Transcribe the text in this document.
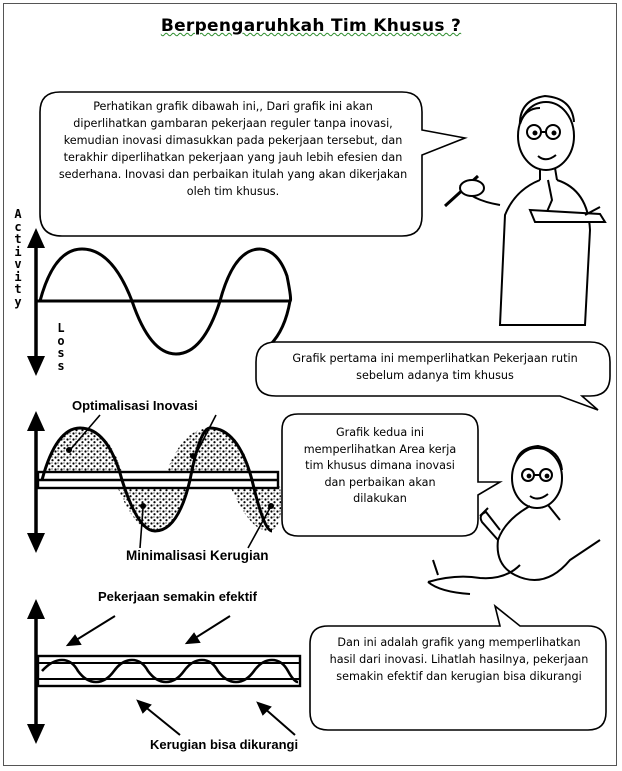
Berpengaruhkah Tim Khusus ?
Perhatikan grafik dibawah ini,, Dari grafik ini akan diperlihatkan gambaran pekerjaan reguler tanpa inovasi, kemudian inovasi dimasukkan pada pekerjaan tersebut, dan terakhir diperlihatkan pekerjaan yang jauh lebih efesien dan sederhana. Inovasi dan perbaikan itulah yang akan dikerjakan oleh tim khusus.
Activity
Loss	Grafik pertama ini memperlihatkan Pekerjaan rutin sebelum adanya tim khusus
Optimalisasi Inovasi
Minimalisasi Kerugian
Grafik kedua ini memperlihatkan Area kerja tim khusus dimana inovasi dan perbaikan akan dilakukan
Pekerjaan semakin efektif
Kerugian bisa dikurangi
Dan ini adalah grafik yang memperlihatkan hasil dari inovasi. Lihatlah hasilnya, pekerjaan semakin efektif dan kerugian bisa dikurangi
